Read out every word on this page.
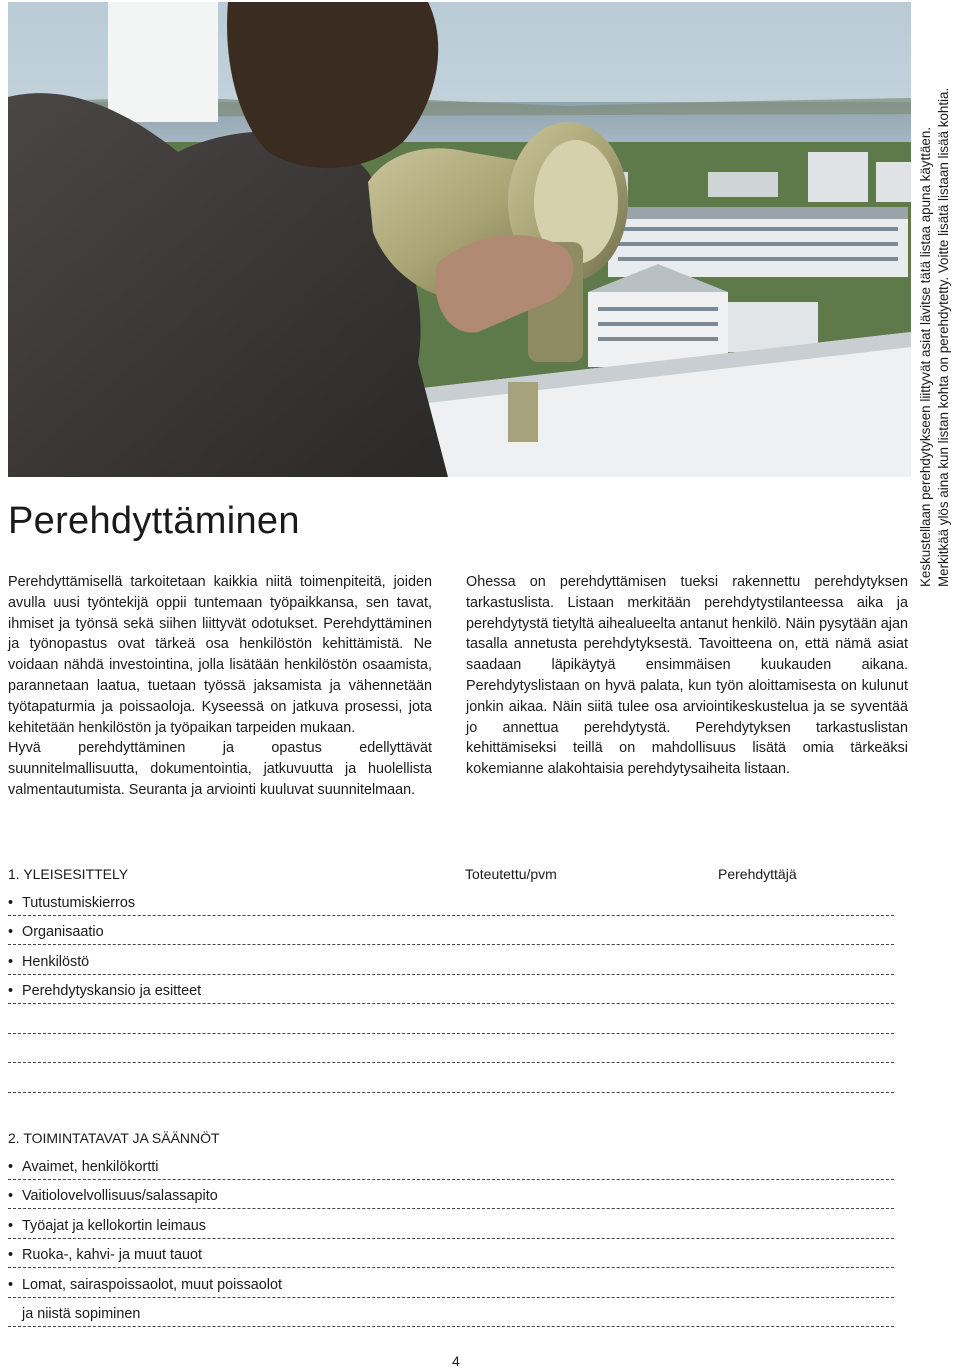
Keskustellaan perehdytykseen liittyvät asiat lävitse tätä listaa apuna käyttäen. Merkitkää ylös aina kun listan kohta on perehdytetty. Voitte lisätä listaan lisää kohtia.
Perehdyttäminen

Perehdyttämisellä tarkoitetaan kaikkia niitä toimenpiteitä, joiden avulla uusi työntekijä oppii tuntemaan työpaikkansa, sen tavat, ihmiset ja työnsä sekä siihen liittyvät odotukset. Perehdyttäminen ja työnopastus ovat tärkeä osa henkilöstön kehittämistä. Ne voidaan nähdä investointina, jolla lisätään henkilöstön osaamista, parannetaan laatua, tuetaan työssä jaksamista ja vähennetään työtapaturmia ja poissaoloja. Kyseessä on jatkuva prosessi, jota kehitetään henkilöstön ja työpaikan tarpeiden mukaan.

Hyvä perehdyttäminen ja opastus edellyttävät suunnitelmallisuutta, dokumentointia, jatkuvuutta ja huolellista valmentautumista. Seuranta ja arviointi kuuluvat suunnitelmaan.

Ohessa on perehdyttämisen tueksi rakennettu perehdytyksen tarkastuslista. Listaan merkitään perehdytystilanteessa aika ja perehdytystä tietyltä aihealueelta antanut henkilö. Näin pysytään ajan tasalla annetusta perehdytyksestä. Tavoitteena on, että nämä asiat saadaan läpikäytyä ensimmäisen kuukauden aikana. Perehdytyslistaan on hyvä palata, kun työn aloittamisesta on kulunut jonkin aikaa. Näin siitä tulee osa arviointikeskustelua ja se syventää jo annettua perehdytystä. Perehdytyksen tarkastuslistan kehittämiseksi teillä on mahdollisuus lisätä omia tärkeäksi kokemianne alakohtaisia perehdytysaiheita listaan.

1. YLEISESITTELY	Toteutettu/pvm	Perehdyttäjä
• Tutustumiskierros
• Organisaatio
• Henkilöstö
• Perehdytyskansio ja esitteet
2. TOIMINTATAVAT JA SÄÄNNÖT
• Avaimet, henkilökortti
• Vaitiolovelvollisuus/salassapito
• Työajat ja kellokortin leimaus
• Ruoka-, kahvi- ja muut tauot
• Lomat, sairaspoissaolot, muut poissaolot
ja niistä sopiminen
4
